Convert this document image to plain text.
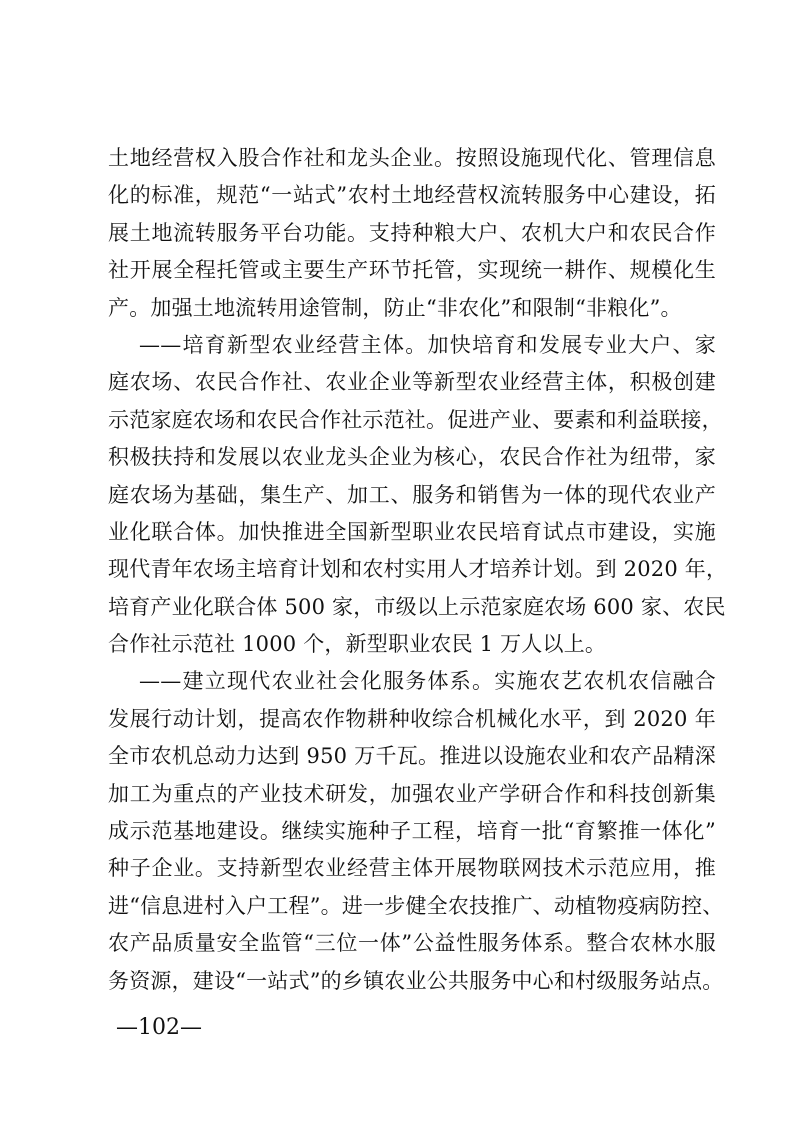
土地经营权入股合作社和龙头企业。按照设施现代化、管理信息
化的标准，规范“一站式”农村土地经营权流转服务中心建设，拓
展土地流转服务平台功能。支持种粮大户、农机大户和农民合作
社开展全程托管或主要生产环节托管，实现统一耕作、规模化生
产。加强土地流转用途管制，防止“非农化”和限制“非粮化”。
——培育新型农业经营主体。加快培育和发展专业大户、家
庭农场、农民合作社、农业企业等新型农业经营主体，积极创建
示范家庭农场和农民合作社示范社。促进产业、要素和利益联接，
积极扶持和发展以农业龙头企业为核心，农民合作社为纽带，家
庭农场为基础，集生产、加工、服务和销售为一体的现代农业产
业化联合体。加快推进全国新型职业农民培育试点市建设，实施
现代青年农场主培育计划和农村实用人才培养计划。到 2020 年，
培育产业化联合体 500 家，市级以上示范家庭农场 600 家、农民
合作社示范社 1000 个，新型职业农民 1 万人以上。
——建立现代农业社会化服务体系。实施农艺农机农信融合
发展行动计划，提高农作物耕种收综合机械化水平，到 2020 年
全市农机总动力达到 950 万千瓦。推进以设施农业和农产品精深
加工为重点的产业技术研发，加强农业产学研合作和科技创新集
成示范基地建设。继续实施种子工程，培育一批“育繁推一体化”
种子企业。支持新型农业经营主体开展物联网技术示范应用，推
进“信息进村入户工程”。进一步健全农技推广、动植物疫病防控、
农产品质量安全监管“三位一体”公益性服务体系。整合农林水服
务资源，建设“一站式”的乡镇农业公共服务中心和村级服务站点。
—102—
